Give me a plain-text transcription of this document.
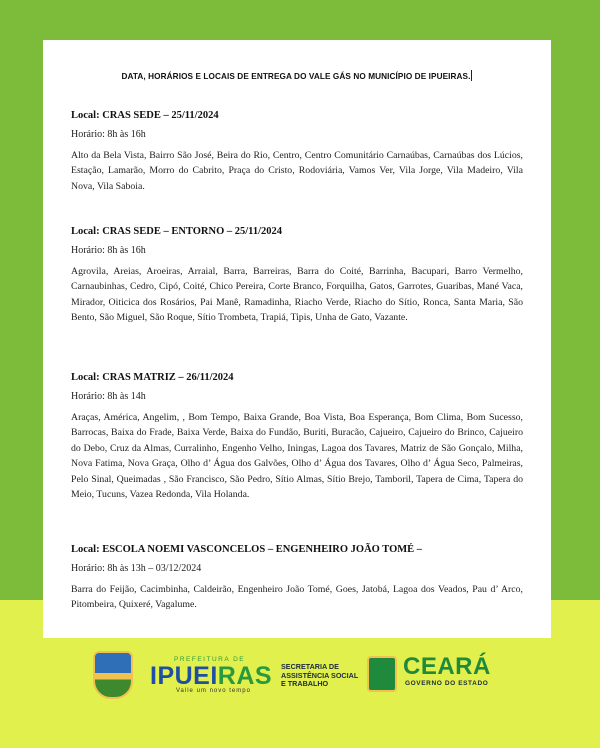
DATA, HORÁRIOS E LOCAIS DE ENTREGA DO VALE GÁS NO MUNICÍPIO DE IPUEIRAS.

Local: CRAS SEDE – 25/11/2024

Horário: 8h às 16h

Alto da Bela Vista, Bairro São José, Beira do Rio, Centro, Centro Comunitário Carnaúbas, Carnaúbas dos Lúcios, Estação, Lamarão, Morro do Cabrito, Praça do Cristo, Rodoviária, Vamos Ver, Vila Jorge, Vila Madeiro, Vila Nova, Vila Saboia.

Local: CRAS SEDE – ENTORNO – 25/11/2024

Horário: 8h às 16h

Agrovila, Areias, Aroeiras, Arraial, Barra, Barreiras, Barra do Coité, Barrinha, Bacupari, Barro Vermelho, Carnaubinhas, Cedro, Cipó, Coité, Chico Pereira, Corte Branco, Forquilha, Gatos, Garrotes, Guaribas, Mané Vaca, Mirador, Oiticica dos Rosários, Pai Manê, Ramadinha, Riacho Verde, Riacho do Sítio, Ronca, Santa Maria, São Bento, São Miguel, São Roque, Sítio Trombeta, Trapiá, Tipis, Unha de Gato, Vazante.

Local: CRAS MATRIZ – 26/11/2024

Horário: 8h às 14h

Araças, América, Angelim, , Bom Tempo, Baixa Grande, Boa Vista, Boa Esperança, Bom Clima, Bom Sucesso, Barrocas, Baixa do Frade, Baixa Verde, Baixa do Fundão, Buriti, Buracão, Cajueiro, Cajueiro do Brinco, Cajueiro do Debo, Cruz da Almas, Curralinho, Engenho Velho, Iningas, Lagoa dos Tavares, Matriz de São Gonçalo, Milha, Nova Fatima, Nova Graça, Olho d’ Água dos Galvões, Olho d’ Água dos Tavares, Olho d’ Água Seco, Palmeiras, Pelo Sinal, Queimadas , São Francisco, São Pedro, Sítio Almas, Sítio Brejo, Tamboril, Tapera de Cima, Tapera do Meio, Tucuns, Vazea Redonda, Vila Holanda.

Local: ESCOLA NOEMI VASCONCELOS – ENGENHEIRO JOÃO TOMÉ –

Horário: 8h às 13h – 03/12/2024

Barra do Feijão, Cacimbinha, Caldeirão, Engenheiro João Tomé, Goes, Jatobá, Lagoa dos Veados, Pau d’ Arco, Pitombeira, Quixeré, Vagalume.

PREFEITURA DE
IPUEIRAS
Valle um novo tempo
SECRETARIA DE
ASSISTÊNCIA SOCIAL
E TRABALHO
CEARÁ
GOVERNO DO ESTADO
